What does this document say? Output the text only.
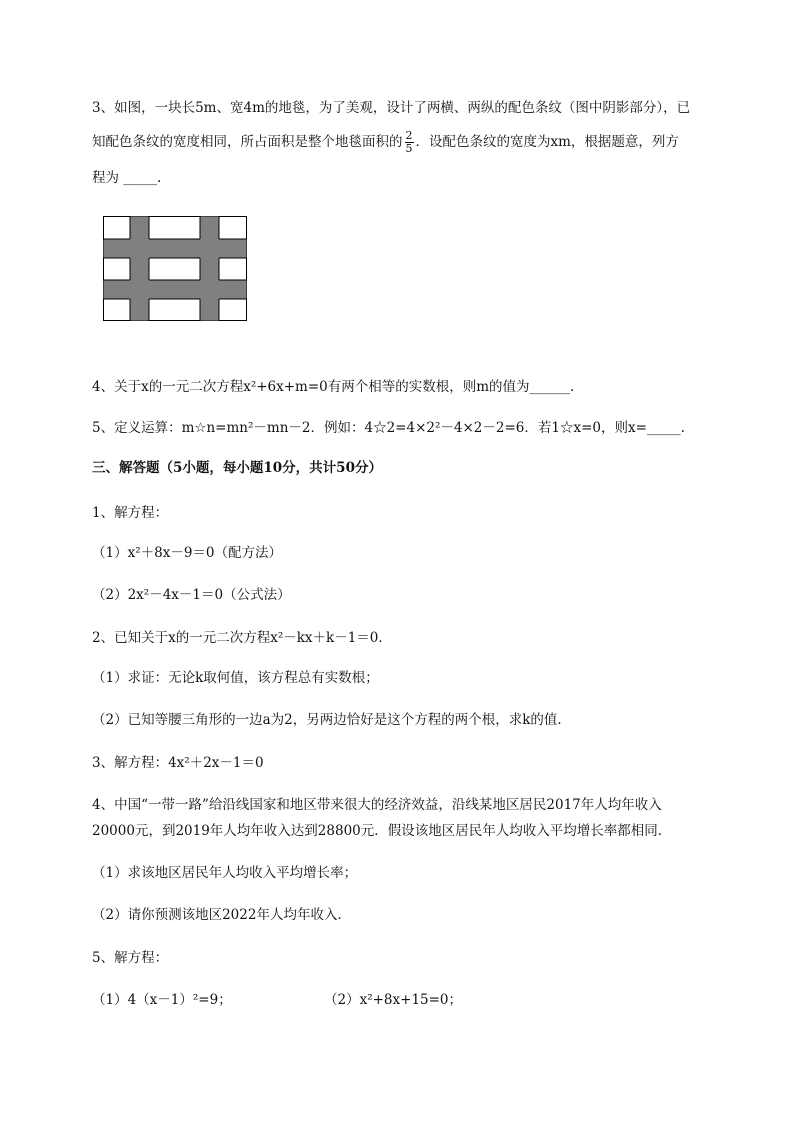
3、如图，一块长5m、宽4m的地毯，为了美观，设计了两横、两纵的配色条纹（图中阴影部分），已
知配色条纹的宽度相同，所占面积是整个地毯面积的 $\frac{2}{5}$ ．设配色条纹的宽度为xm，根据题意，列方
程为 _____.
4、关于x的一元二次方程x²+6x+m=0有两个相等的实数根，则m的值为______.
5、定义运算：m☆n=mn²－mn－2．例如：4☆2=4×2²－4×2－2=6．若1☆x=0，则x=_____.
三、解答题（5小题，每小题10分，共计50分）
1、解方程：
（1）x²＋8x－9＝0（配方法）
（2）2x²－4x－1＝0（公式法）
2、已知关于x的一元二次方程x²－kx＋k－1＝0．
（1）求证：无论k取何值，该方程总有实数根；
（2）已知等腰三角形的一边a为2，另两边恰好是这个方程的两个根，求k的值．
3、解方程：4x²＋2x－1＝0
4、中国“一带一路”给沿线国家和地区带来很大的经济效益，沿线某地区居民2017年人均年收入
20000元，到2019年人均年收入达到28800元．假设该地区居民年人均收入平均增长率都相同．
（1）求该地区居民年人均收入平均增长率；
（2）请你预测该地区2022年人均年收入．
5、解方程：
（1）4（x－1）²=9；	（2）x²+8x+15=0；
